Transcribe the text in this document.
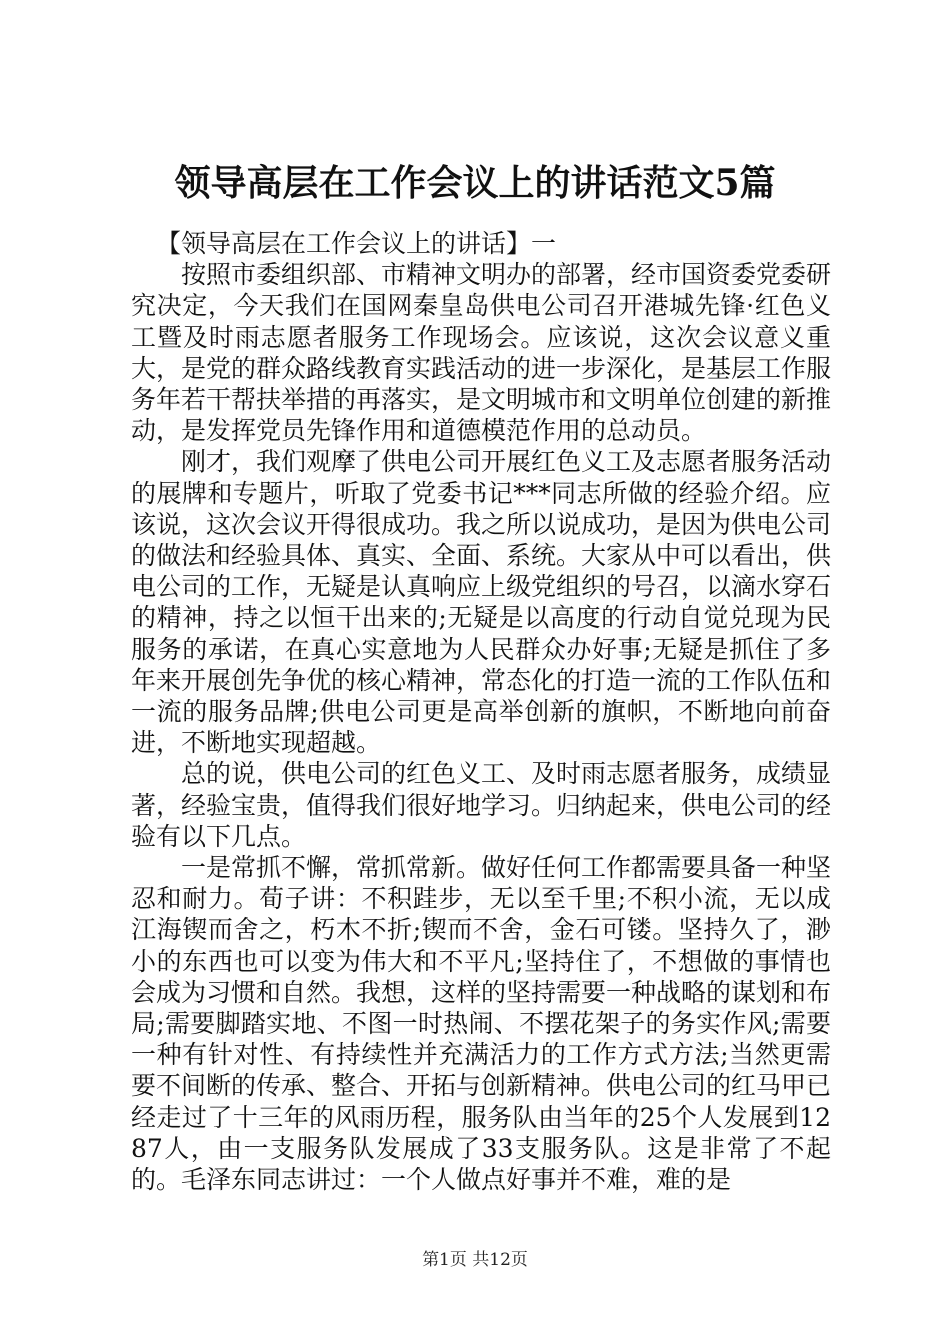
领导高层在工作会议上的讲话范文5篇

【领导高层在工作会议上的讲话】一

按照市委组织部、市精神文明办的部署，经市国资委党委研究决定，今天我们在国网秦皇岛供电公司召开港城先锋·红色义工暨及时雨志愿者服务工作现场会。应该说，这次会议意义重大，是党的群众路线教育实践活动的进一步深化，是基层工作服务年若干帮扶举措的再落实，是文明城市和文明单位创建的新推动，是发挥党员先锋作用和道德模范作用的总动员。

刚才，我们观摩了供电公司开展红色义工及志愿者服务活动的展牌和专题片，听取了党委书记***同志所做的经验介绍。应该说，这次会议开得很成功。我之所以说成功，是因为供电公司的做法和经验具体、真实、全面、系统。大家从中可以看出，供电公司的工作，无疑是认真响应上级党组织的号召，以滴水穿石的精神，持之以恒干出来的;无疑是以高度的行动自觉兑现为民服务的承诺，在真心实意地为人民群众办好事;无疑是抓住了多年来开展创先争优的核心精神，常态化的打造一流的工作队伍和一流的服务品牌;供电公司更是高举创新的旗帜，不断地向前奋进，不断地实现超越。

总的说，供电公司的红色义工、及时雨志愿者服务，成绩显著，经验宝贵，值得我们很好地学习。归纳起来，供电公司的经验有以下几点。

一是常抓不懈，常抓常新。做好任何工作都需要具备一种坚忍和耐力。荀子讲：不积跬步，无以至千里;不积小流，无以成江海锲而舍之，朽木不折;锲而不舍，金石可镂。坚持久了，渺小的东西也可以变为伟大和不平凡;坚持住了，不想做的事情也会成为习惯和自然。我想，这样的坚持需要一种战略的谋划和布局;需要脚踏实地、不图一时热闹、不摆花架子的务实作风;需要一种有针对性、有持续性并充满活力的工作方式方法;当然更需要不间断的传承、整合、开拓与创新精神。供电公司的红马甲已经走过了十三年的风雨历程，服务队由当年的25个人发展到1287人，由一支服务队发展成了33支服务队。这是非常了不起的。毛泽东同志讲过：一个人做点好事并不难，难的是

第1页 共12页
